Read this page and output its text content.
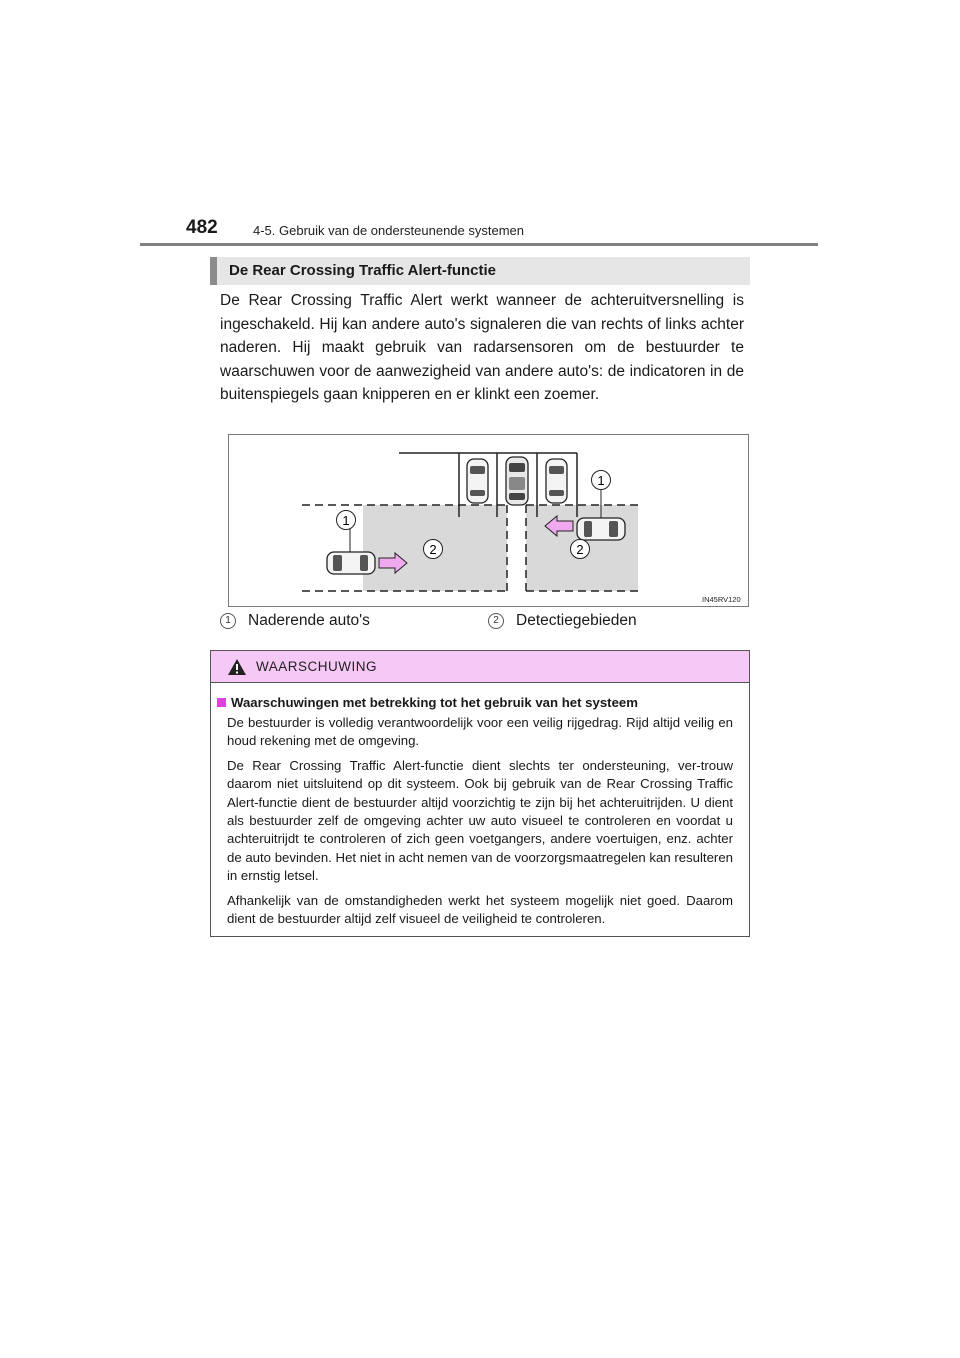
482	4-5. Gebruik van de ondersteunende systemen
De Rear Crossing Traffic Alert-functie

De Rear Crossing Traffic Alert werkt wanneer de achteruitversnelling is ingeschakeld. Hij kan andere auto's signaleren die van rechts of links achter naderen. Hij maakt gebruik van radarsensoren om de bestuurder te waarschuwen voor de aanwezigheid van andere auto's: de indicatoren in de buitenspiegels gaan knipperen en er klinkt een zoemer.

1
1
2	2
IN45RV120
1	Naderende auto's	2	Detectiegebieden
WAARSCHUWING
Waarschuwingen met betrekking tot het gebruik van het systeem

De bestuurder is volledig verantwoordelijk voor een veilig rijgedrag. Rijd altijd veilig en houd rekening met de omgeving.

De Rear Crossing Traffic Alert-functie dient slechts ter ondersteuning, ver-trouw daarom niet uitsluitend op dit systeem. Ook bij gebruik van de Rear Crossing Traffic Alert-functie dient de bestuurder altijd voorzichtig te zijn bij het achteruitrijden. U dient als bestuurder zelf de omgeving achter uw auto visueel te controleren en voordat u achteruitrijdt te controleren of zich geen voetgangers, andere voertuigen, enz. achter de auto bevinden. Het niet in acht nemen van de voorzorgsmaatregelen kan resulteren in ernstig letsel.

Afhankelijk van de omstandigheden werkt het systeem mogelijk niet goed. Daarom dient de bestuurder altijd zelf visueel de veiligheid te controleren.
